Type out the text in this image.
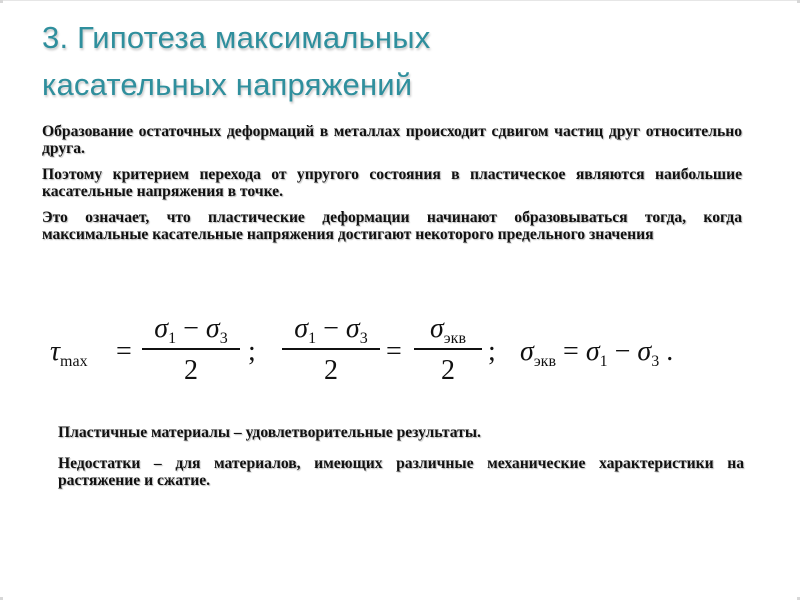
3. Гипотеза максимальных
касательных напряжений

Образование остаточных деформаций в металлах происходит сдвигом частиц друг относительно друга.

Поэтому критерием перехода от упругого состояния в пластическое являются наибольшие касательные напряжения в точке.

Это означает, что пластические деформации начинают образовываться тогда, когда максимальные касательные напряжения достигают некоторого предельного значения

$\tau_{max}$ =
$\sigma_1 - \sigma_3$
2
;
$\sigma_1 - \sigma_3$
2
=
$\sigma_{экв}$
2
; $\sigma_{экв} = \sigma_1 - \sigma_3$ .

Пластичные материалы – удовлетворительные результаты.

Недостатки – для материалов, имеющих различные механические характеристики на растяжение и сжатие.
